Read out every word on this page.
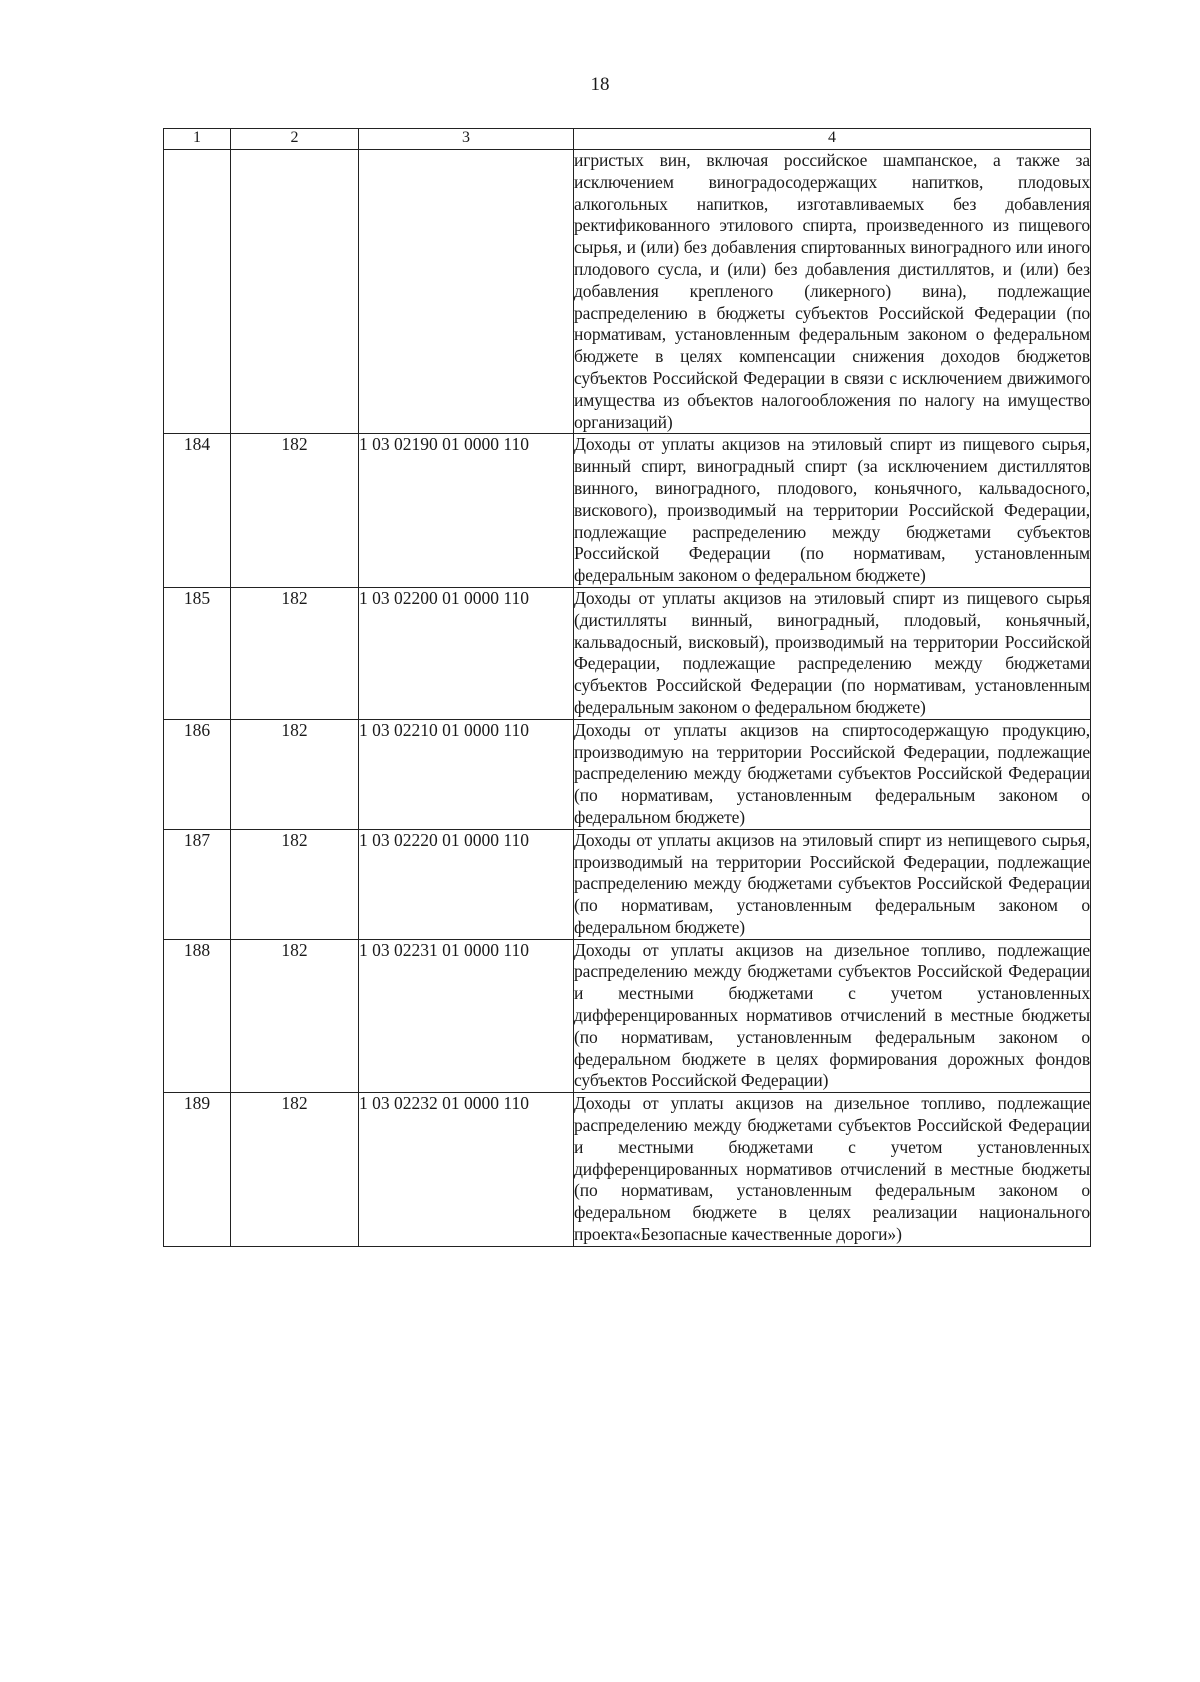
18
1	2	3	4

			игристых вин, включая российское шампанское, а также за исключением виноградосодержащих напитков, плодовых алкогольных напитков, изготавливаемых без добавления ректификованного этилового спирта, произведенного из пищевого сырья, и (или) без добавления спиртованных виноградного или иного плодового сусла, и (или) без добавления дистиллятов, и (или) без добавления крепленого (ликерного) вина), подлежащие распределению в бюджеты субъектов Российской Федерации (по нормативам, установленным федеральным законом о федеральном бюджете в целях компенсации снижения доходов бюджетов субъектов Российской Федерации в связи с исключением движимого имущества из объектов налогообложения по налогу на имущество организаций)

184	182	1 03 02190 01 0000 110	Доходы от уплаты акцизов на этиловый спирт из пищевого сырья, винный спирт, виноградный спирт (за исключением дистиллятов винного, виноградного, плодового, коньячного, кальвадосного, вискового), производимый на территории Российской Федерации, подлежащие распределению между бюджетами субъектов Российской Федерации (по нормативам, установленным федеральным законом о федеральном бюджете)

185	182	1 03 02200 01 0000 110	Доходы от уплаты акцизов на этиловый спирт из пищевого сырья (дистилляты винный, виноградный, плодовый, коньячный, кальвадосный, висковый), производимый на территории Российской Федерации, подлежащие распределению между бюджетами субъектов Российской Федерации (по нормативам, установленным федеральным законом о федеральном бюджете)

186	182	1 03 02210 01 0000 110	Доходы от уплаты акцизов на спиртосодержащую продукцию, производимую на территории Российской Федерации, подлежащие распределению между бюджетами субъектов Российской Федерации (по нормативам, установленным федеральным законом о федеральном бюджете)

187	182	1 03 02220 01 0000 110	Доходы от уплаты акцизов на этиловый спирт из непищевого сырья, производимый на территории Российской Федерации, подлежащие распределению между бюджетами субъектов Российской Федерации (по нормативам, установленным федеральным законом о федеральном бюджете)

188	182	1 03 02231 01 0000 110	Доходы от уплаты акцизов на дизельное топливо, подлежащие распределению между бюджетами субъектов Российской Федерации и местными бюджетами с учетом установленных дифференцированных нормативов отчислений в местные бюджеты (по нормативам, установленным федеральным законом о федеральном бюджете в целях формирования дорожных фондов субъектов Российской Федерации)

189	182	1 03 02232 01 0000 110	Доходы от уплаты акцизов на дизельное топливо, подлежащие распределению между бюджетами субъектов Российской Федерации и местными бюджетами с учетом установленных дифференцированных нормативов отчислений в местные бюджеты (по нормативам, установленным федеральным законом о федеральном бюджете в целях реализации национального проекта«Безопасные качественные дороги»)
